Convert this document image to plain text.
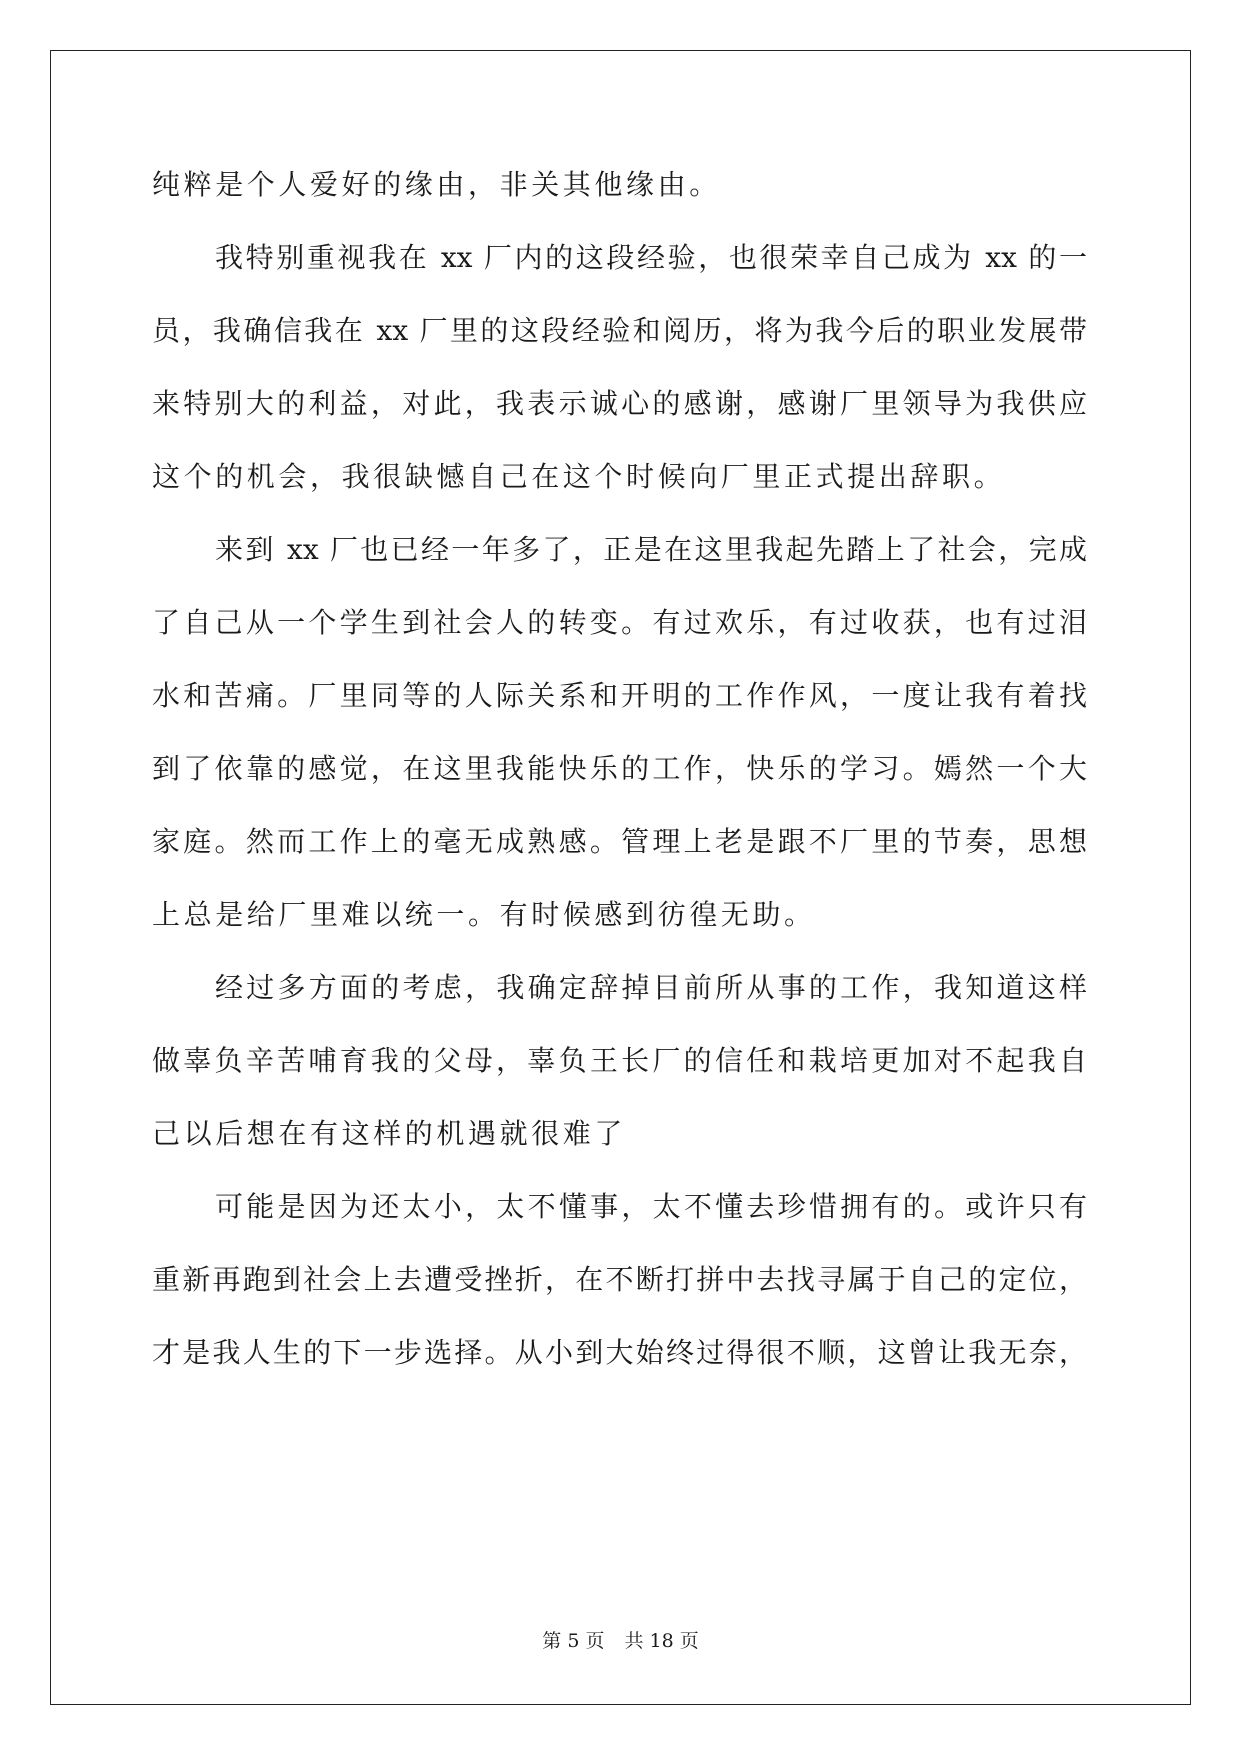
纯粹是个人爱好的缘由，非关其他缘由。
我特别重视我在 xx 厂内的这段经验，也很荣幸自己成为 xx 的一
员，我确信我在 xx 厂里的这段经验和阅历，将为我今后的职业发展带
来特别大的利益，对此，我表示诚心的感谢，感谢厂里领导为我供应
这个的机会，我很缺憾自己在这个时候向厂里正式提出辞职。
来到 xx 厂也已经一年多了，正是在这里我起先踏上了社会，完成
了自己从一个学生到社会人的转变。有过欢乐，有过收获，也有过泪
水和苦痛。厂里同等的人际关系和开明的工作作风，一度让我有着找
到了依靠的感觉，在这里我能快乐的工作，快乐的学习。嫣然一个大
家庭。然而工作上的毫无成熟感。管理上老是跟不厂里的节奏，思想
上总是给厂里难以统一。有时候感到彷徨无助。
经过多方面的考虑，我确定辞掉目前所从事的工作，我知道这样
做辜负辛苦哺育我的父母，辜负王长厂的信任和栽培更加对不起我自
己以后想在有这样的机遇就很难了
可能是因为还太小，太不懂事，太不懂去珍惜拥有的。或许只有
重新再跑到社会上去遭受挫折，在不断打拼中去找寻属于自己的定位，
才是我人生的下一步选择。从小到大始终过得很不顺，这曾让我无奈，
第 5 页 共 18 页
